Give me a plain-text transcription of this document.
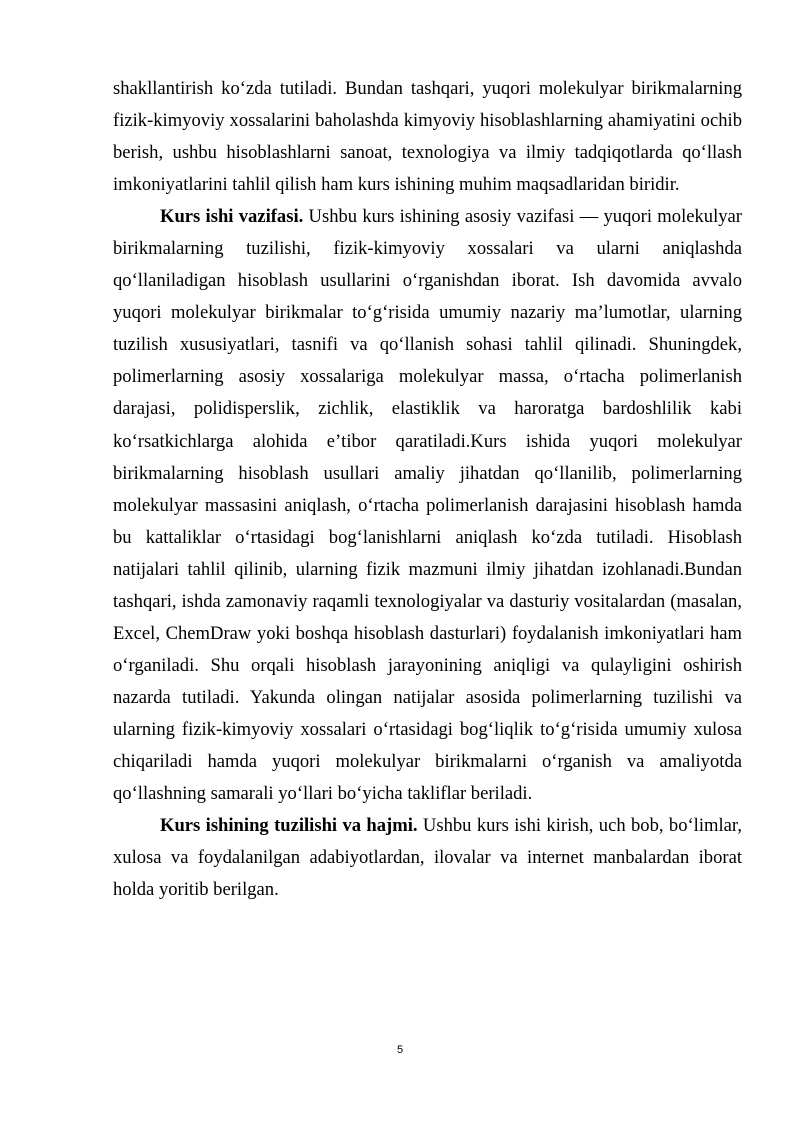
shakllantirish koʻzda tutiladi. Bundan tashqari, yuqori molekulyar birikmalarning fizik-kimyoviy xossalarini baholashda kimyoviy hisoblashlarning ahamiyatini ochib berish, ushbu hisoblashlarni sanoat, texnologiya va ilmiy tadqiqotlarda qoʻllash imkoniyatlarini tahlil qilish ham kurs ishining muhim maqsadlaridan biridir.

Kurs ishi vazifasi. Ushbu kurs ishining asosiy vazifasi — yuqori molekulyar birikmalarning tuzilishi, fizik-kimyoviy xossalari va ularni aniqlashda qoʻllaniladigan hisoblash usullarini oʻrganishdan iborat. Ish davomida avvalo yuqori molekulyar birikmalar toʻgʻrisida umumiy nazariy maʼlumotlar, ularning tuzilish xususiyatlari, tasnifi va qoʻllanish sohasi tahlil qilinadi. Shuningdek, polimerlarning asosiy xossalariga molekulyar massa, oʻrtacha polimerlanish darajasi, polidisperslik, zichlik, elastiklik va haroratga bardoshlilik kabi koʻrsatkichlarga alohida eʼtibor qaratiladi.Kurs ishida yuqori molekulyar birikmalarning hisoblash usullari amaliy jihatdan qoʻllanilib, polimerlarning molekulyar massasini aniqlash, oʻrtacha polimerlanish darajasini hisoblash hamda bu kattaliklar oʻrtasidagi bogʻlanishlarni aniqlash koʻzda tutiladi. Hisoblash natijalari tahlil qilinib, ularning fizik mazmuni ilmiy jihatdan izohlanadi.Bundan tashqari, ishda zamonaviy raqamli texnologiyalar va dasturiy vositalardan (masalan, Excel, ChemDraw yoki boshqa hisoblash dasturlari) foydalanish imkoniyatlari ham oʻrganiladi. Shu orqali hisoblash jarayonining aniqligi va qulayligini oshirish nazarda tutiladi. Yakunda olingan natijalar asosida polimerlarning tuzilishi va ularning fizik-kimyoviy xossalari oʻrtasidagi bogʻliqlik toʻgʻrisida umumiy xulosa chiqariladi hamda yuqori molekulyar birikmalarni oʻrganish va amaliyotda qoʻllashning samarali yoʻllari boʻyicha takliflar beriladi.

Kurs ishining tuzilishi va hajmi. Ushbu kurs ishi kirish, uch bob, boʻlimlar, xulosa va foydalanilgan adabiyotlardan, ilovalar va internet manbalardan iborat holda yoritib berilgan.

5
